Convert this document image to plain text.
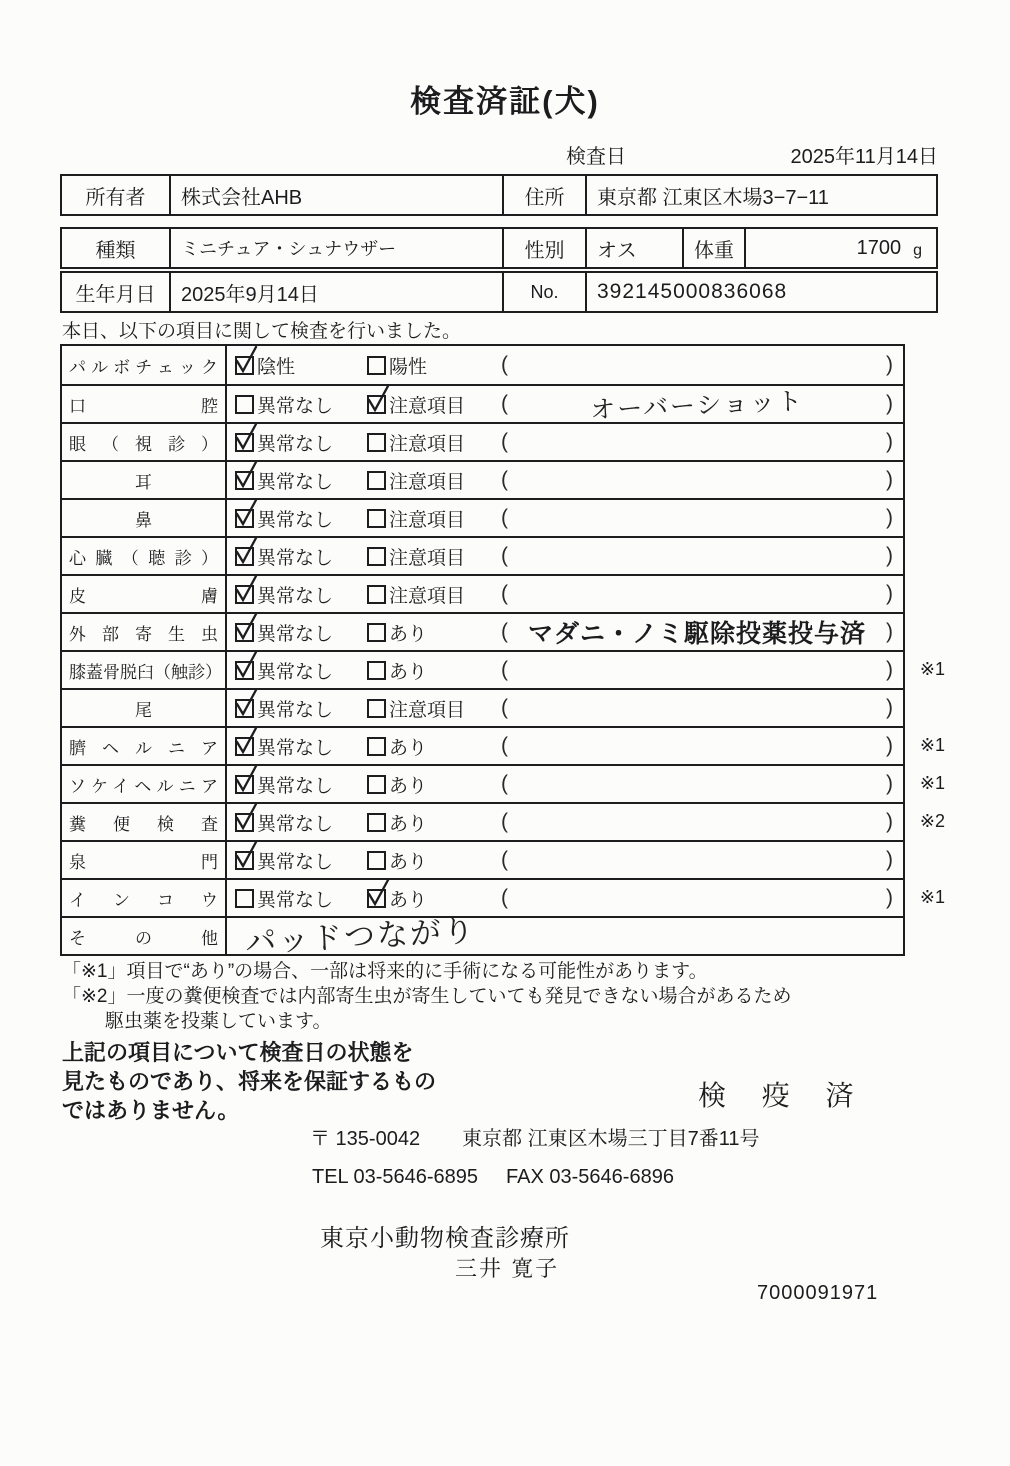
検査済証(犬)
検査日	2025年11月14日
所有者	株式会社AHB	住所	東京都 江東区木場3−7−11
種類	ミニチュア・シュナウザー	性別	オス	体重	1700 g
生年月日	2025年9月14日	No.	392145000836068
本日、以下の項目に関して検査を行いました。
パルボチェック 陰性	陽性	(	)
口腔 異常なし	注意項目 (	オーバーショット	)
眼（視診） 異常なし	注意項目 (	)
耳	異常なし	注意項目 (	)
鼻	異常なし	注意項目 (	)
心臓（聴診） 異常なし	注意項目 (	)
皮膚 異常なし	注意項目 (	)
外部寄生虫 異常なし	あり	( マダニ・ノミ駆除投薬投与済 )
膝蓋骨脱臼（触診） 異常なし	あり	(	) ※1
尾	異常なし	注意項目 (	)
臍ヘルニア 異常なし	あり	(	) ※1
ソケイヘルニア 異常なし	あり	(	) ※1
糞便検査 異常なし	あり	(	) ※2
泉門 異常なし	あり	(	)
インコウ 異常なし	あり	(	) ※1
その他 パッドつながり
「※1」項目で“あり”の場合、一部は将来的に手術になる可能性があります。
「※2」一度の糞便検査では内部寄生虫が寄生していても発見できない場合があるため
駆虫薬を投薬しています。
上記の項目について検査日の状態を
見たものであり、将来を保証するもの
ではありません。	検 疫 済
〒 135-0042 東京都 江東区木場三丁目7番11号
TEL 03-5646-6895 FAX 03-5646-6896
東京小動物検査診療所
三井 寛子
7000091971
